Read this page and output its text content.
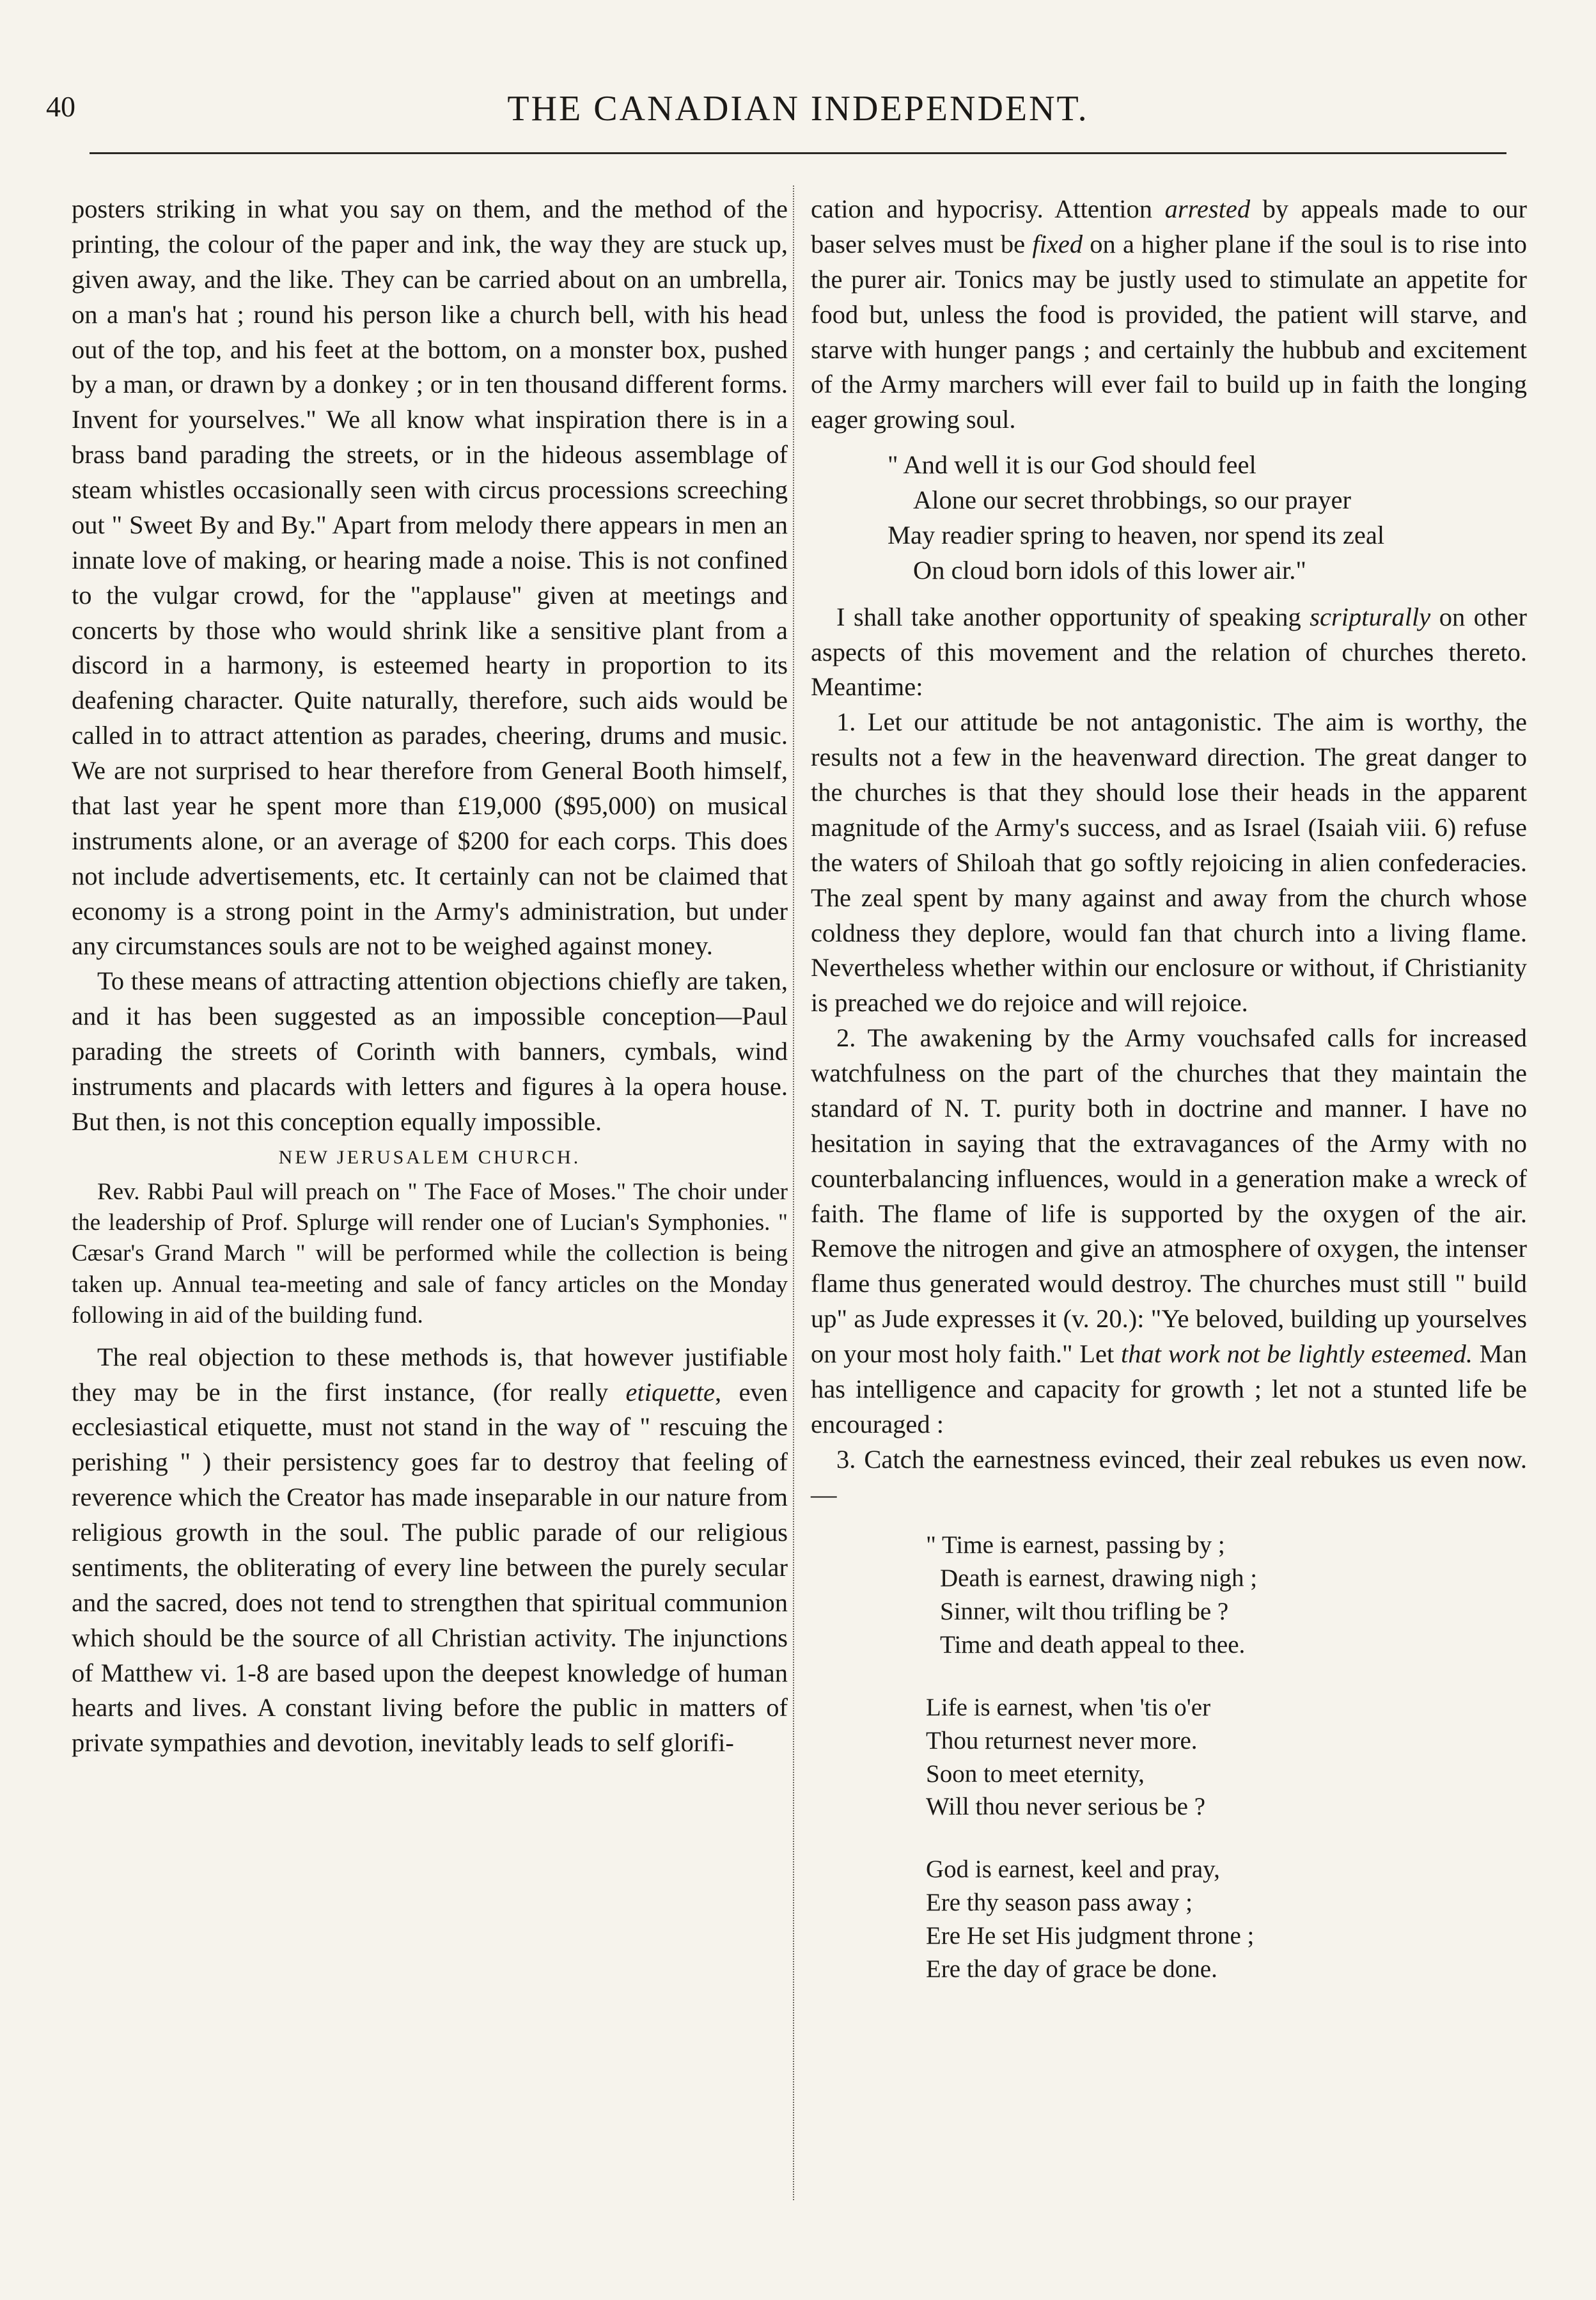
40	THE CANADIAN INDEPENDENT.

posters striking in what you say on them, and the method of the printing, the colour of the paper and ink, the way they are stuck up, given away, and the like. They can be carried about on an umbrella, on a man's hat ; round his person like a church bell, with his head out of the top, and his feet at the bottom, on a monster box, pushed by a man, or drawn by a donkey ; or in ten thousand different forms. Invent for yourselves." We all know what inspiration there is in a brass band parading the streets, or in the hideous assemblage of steam whistles occasionally seen with circus processions screeching out " Sweet By and By." Apart from melody there appears in men an innate love of making, or hearing made a noise. This is not confined to the vulgar crowd, for the "applause" given at meetings and concerts by those who would shrink like a sensitive plant from a discord in a harmony, is esteemed hearty in proportion to its deafening character. Quite naturally, therefore, such aids would be called in to attract attention as parades, cheering, drums and music. We are not surprised to hear therefore from General Booth himself, that last year he spent more than £19,000 ($95,000) on musical instruments alone, or an average of $200 for each corps. This does not include advertisements, etc. It certainly can not be claimed that economy is a strong point in the Army's administration, but under any circumstances souls are not to be weighed against money.

To these means of attracting attention objections chiefly are taken, and it has been suggested as an impossible conception—Paul parading the streets of Corinth with banners, cymbals, wind instruments and placards with letters and figures à la opera house. But then, is not this conception equally impossible.

NEW JERUSALEM CHURCH.

Rev. Rabbi Paul will preach on " The Face of Moses." The choir under the leadership of Prof. Splurge will render one of Lucian's Symphonies. " Cæsar's Grand March " will be performed while the collection is being taken up. Annual tea-meeting and sale of fancy articles on the Monday following in aid of the building fund.

The real objection to these methods is, that however justifiable they may be in the first instance, (for really etiquette, even ecclesiastical etiquette, must not stand in the way of " rescuing the perishing " ) their persistency goes far to destroy that feeling of reverence which the Creator has made inseparable in our nature from religious growth in the soul. The public parade of our religious sentiments, the obliterating of every line between the purely secular and the sacred, does not tend to strengthen that spiritual communion which should be the source of all Christian activity. The injunctions of Matthew vi. 1-8 are based upon the deepest knowledge of human hearts and lives. A constant living before the public in matters of private sympathies and devotion, inevitably leads to self glorifi-

cation and hypocrisy. Attention arrested by appeals made to our baser selves must be fixed on a higher plane if the soul is to rise into the purer air. Tonics may be justly used to stimulate an appetite for food but, unless the food is provided, the patient will starve, and starve with hunger pangs ; and certainly the hubbub and excitement of the Army marchers will ever fail to build up in faith the longing eager growing soul.

" And well it is our God should feel
Alone our secret throbbings, so our prayer
May readier spring to heaven, nor spend its zeal
On cloud born idols of this lower air."

I shall take another opportunity of speaking scripturally on other aspects of this movement and the relation of churches thereto. Meantime:

1. Let our attitude be not antagonistic. The aim is worthy, the results not a few in the heavenward direction. The great danger to the churches is that they should lose their heads in the apparent magnitude of the Army's success, and as Israel (Isaiah viii. 6) refuse the waters of Shiloah that go softly rejoicing in alien confederacies. The zeal spent by many against and away from the church whose coldness they deplore, would fan that church into a living flame. Nevertheless whether within our enclosure or without, if Christianity is preached we do rejoice and will rejoice.

2. The awakening by the Army vouchsafed calls for increased watchfulness on the part of the churches that they maintain the standard of N. T. purity both in doctrine and manner. I have no hesitation in saying that the extravagances of the Army with no counterbalancing influences, would in a generation make a wreck of faith. The flame of life is supported by the oxygen of the air. Remove the nitrogen and give an atmosphere of oxygen, the intenser flame thus generated would destroy. The churches must still " build up" as Jude expresses it (v. 20.): "Ye beloved, building up yourselves on your most holy faith." Let that work not be lightly esteemed. Man has intelligence and capacity for growth ; let not a stunted life be encouraged :

3. Catch the earnestness evinced, their zeal rebukes us even now.—

" Time is earnest, passing by ;
Death is earnest, drawing nigh ;
Sinner, wilt thou trifling be ?
Time and death appeal to thee.
Life is earnest, when 'tis o'er
Thou returnest never more.
Soon to meet eternity,
Will thou never serious be ?
God is earnest, keel and pray,
Ere thy season pass away ;
Ere He set His judgment throne ;
Ere the day of grace be done.
